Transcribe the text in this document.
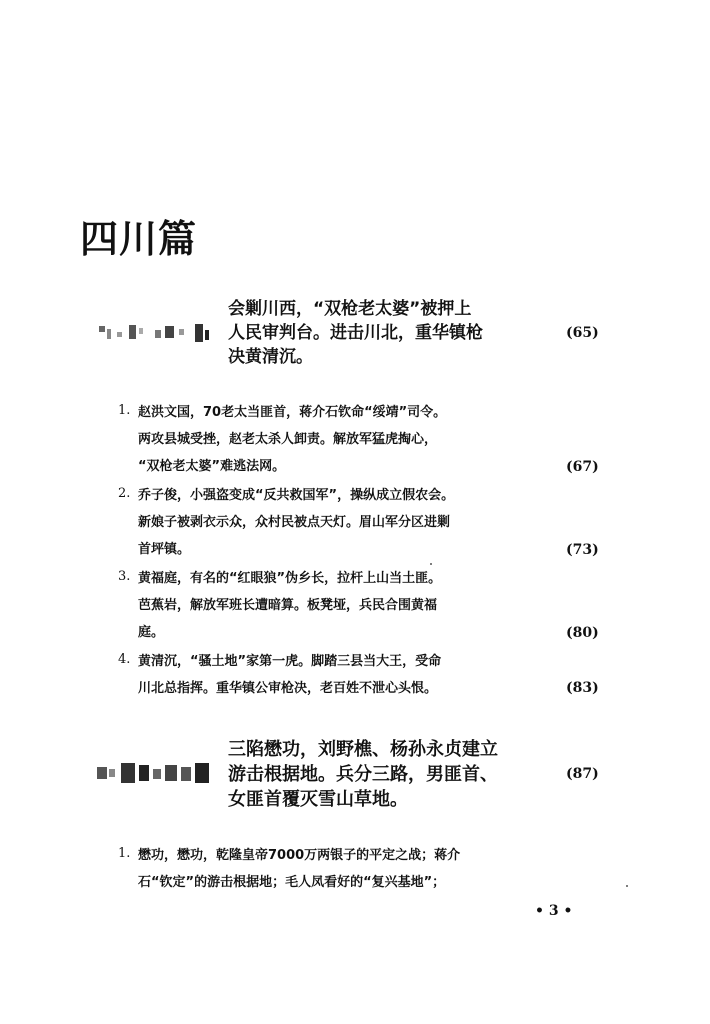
四川篇
会剿川西，“双枪老太婆”被押上
人民审判台。进击川北，重华镇枪
决黄清沉。
(65)
1. 赵洪文国，70老太当匪首，蒋介石钦命“绥靖”司令。
两攻县城受挫，赵老太杀人卸责。解放军猛虎掏心，
“双枪老太婆”难逃法网。	(67)
2. 乔子俊，小强盗变成“反共救国军”，操纵成立假农会。
新娘子被剥衣示众，众村民被点天灯。眉山军分区进剿
首坪镇。	(73)
3. 黄福庭，有名的“红眼狼”伪乡长，拉杆上山当土匪。
芭蕉岩，解放军班长遭暗算。板凳垭，兵民合围黄福
庭。	(80)
4. 黄清沉，“骚土地”家第一虎。脚踏三县当大王，受命
川北总指挥。重华镇公审枪决，老百姓不泄心头恨。	(83)
三陷懋功，刘野樵、杨孙永贞建立
游击根据地。兵分三路，男匪首、
女匪首覆灭雪山草地。
(87)
1. 懋功，懋功，乾隆皇帝7000万两银子的平定之战；蒋介
石“钦定”的游击根据地；毛人凤看好的“复兴基地”；
• 3 •
